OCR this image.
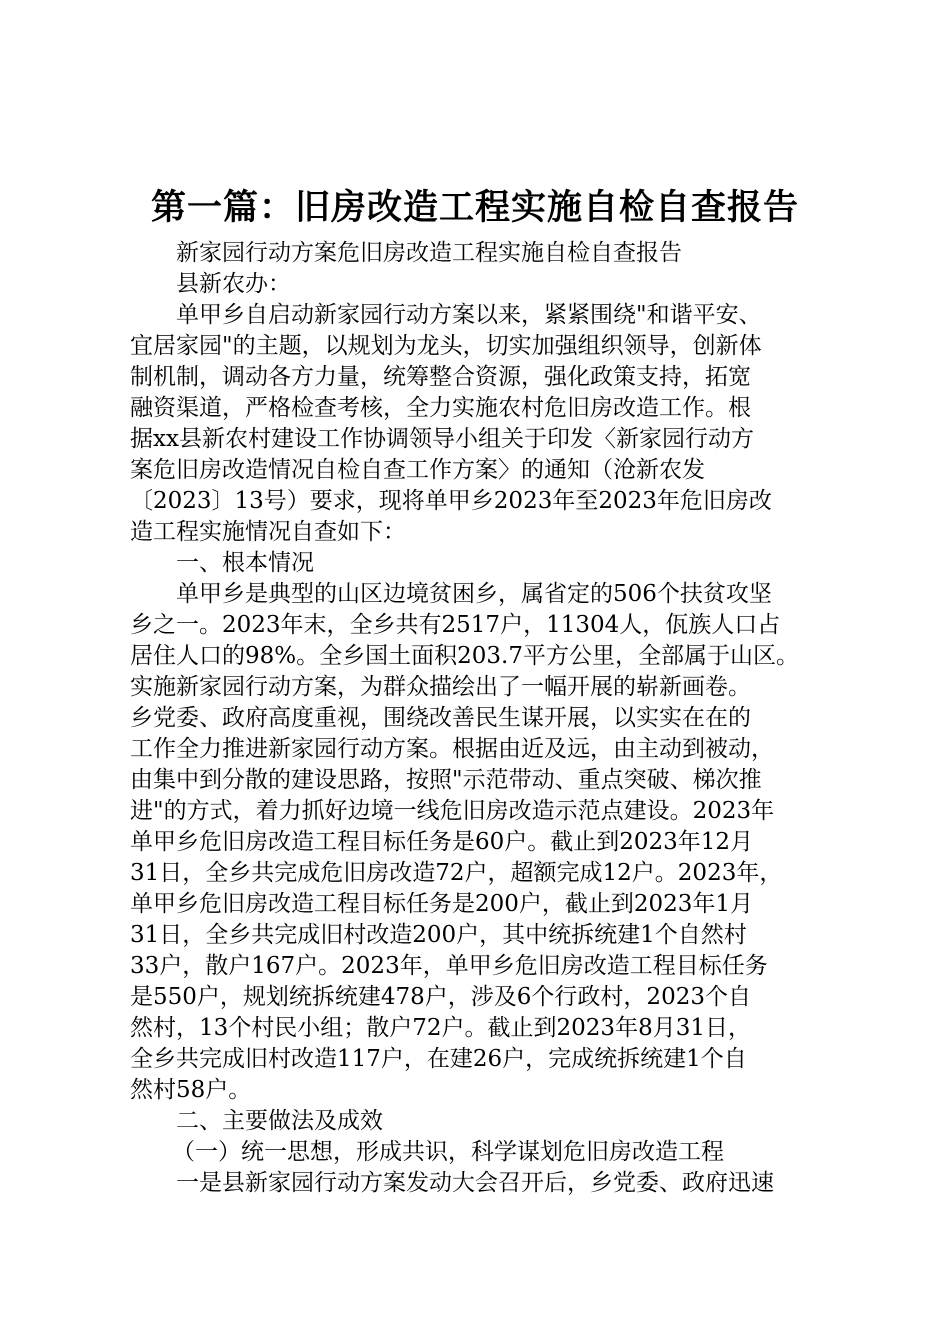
第一篇：旧房改造工程实施自检自查报告
新家园行动方案危旧房改造工程实施自检自查报告
县新农办：
单甲乡自启动新家园行动方案以来，紧紧围绕"和谐平安、
宜居家园"的主题，以规划为龙头，切实加强组织领导，创新体
制机制，调动各方力量，统筹整合资源，强化政策支持，拓宽
融资渠道，严格检查考核，全力实施农村危旧房改造工作。根
据xx县新农村建设工作协调领导小组关于印发〈新家园行动方
案危旧房改造情况自检自查工作方案〉的通知（沧新农发
〔2023〕13号）要求，现将单甲乡2023年至2023年危旧房改
造工程实施情况自查如下：
一、根本情况
单甲乡是典型的山区边境贫困乡，属省定的506个扶贫攻坚
乡之一。2023年末，全乡共有2517户，11304人，佤族人口占
居住人口的98%。全乡国土面积203.7平方公里，全部属于山区。
实施新家园行动方案，为群众描绘出了一幅开展的崭新画卷。
乡党委、政府高度重视，围绕改善民生谋开展，以实实在在的
工作全力推进新家园行动方案。根据由近及远，由主动到被动，
由集中到分散的建设思路，按照"示范带动、重点突破、梯次推
进"的方式，着力抓好边境一线危旧房改造示范点建设。2023年
单甲乡危旧房改造工程目标任务是60户。截止到2023年12月
31日，全乡共完成危旧房改造72户，超额完成12户。2023年，
单甲乡危旧房改造工程目标任务是200户，截止到2023年1月
31日，全乡共完成旧村改造200户，其中统拆统建1个自然村
33户，散户167户。2023年，单甲乡危旧房改造工程目标任务
是550户，规划统拆统建478户，涉及6个行政村，2023个自
然村，13个村民小组；散户72户。截止到2023年8月31日，
全乡共完成旧村改造117户，在建26户，完成统拆统建1个自
然村58户。
二、主要做法及成效
（一）统一思想，形成共识，科学谋划危旧房改造工程
一是县新家园行动方案发动大会召开后，乡党委、政府迅速
